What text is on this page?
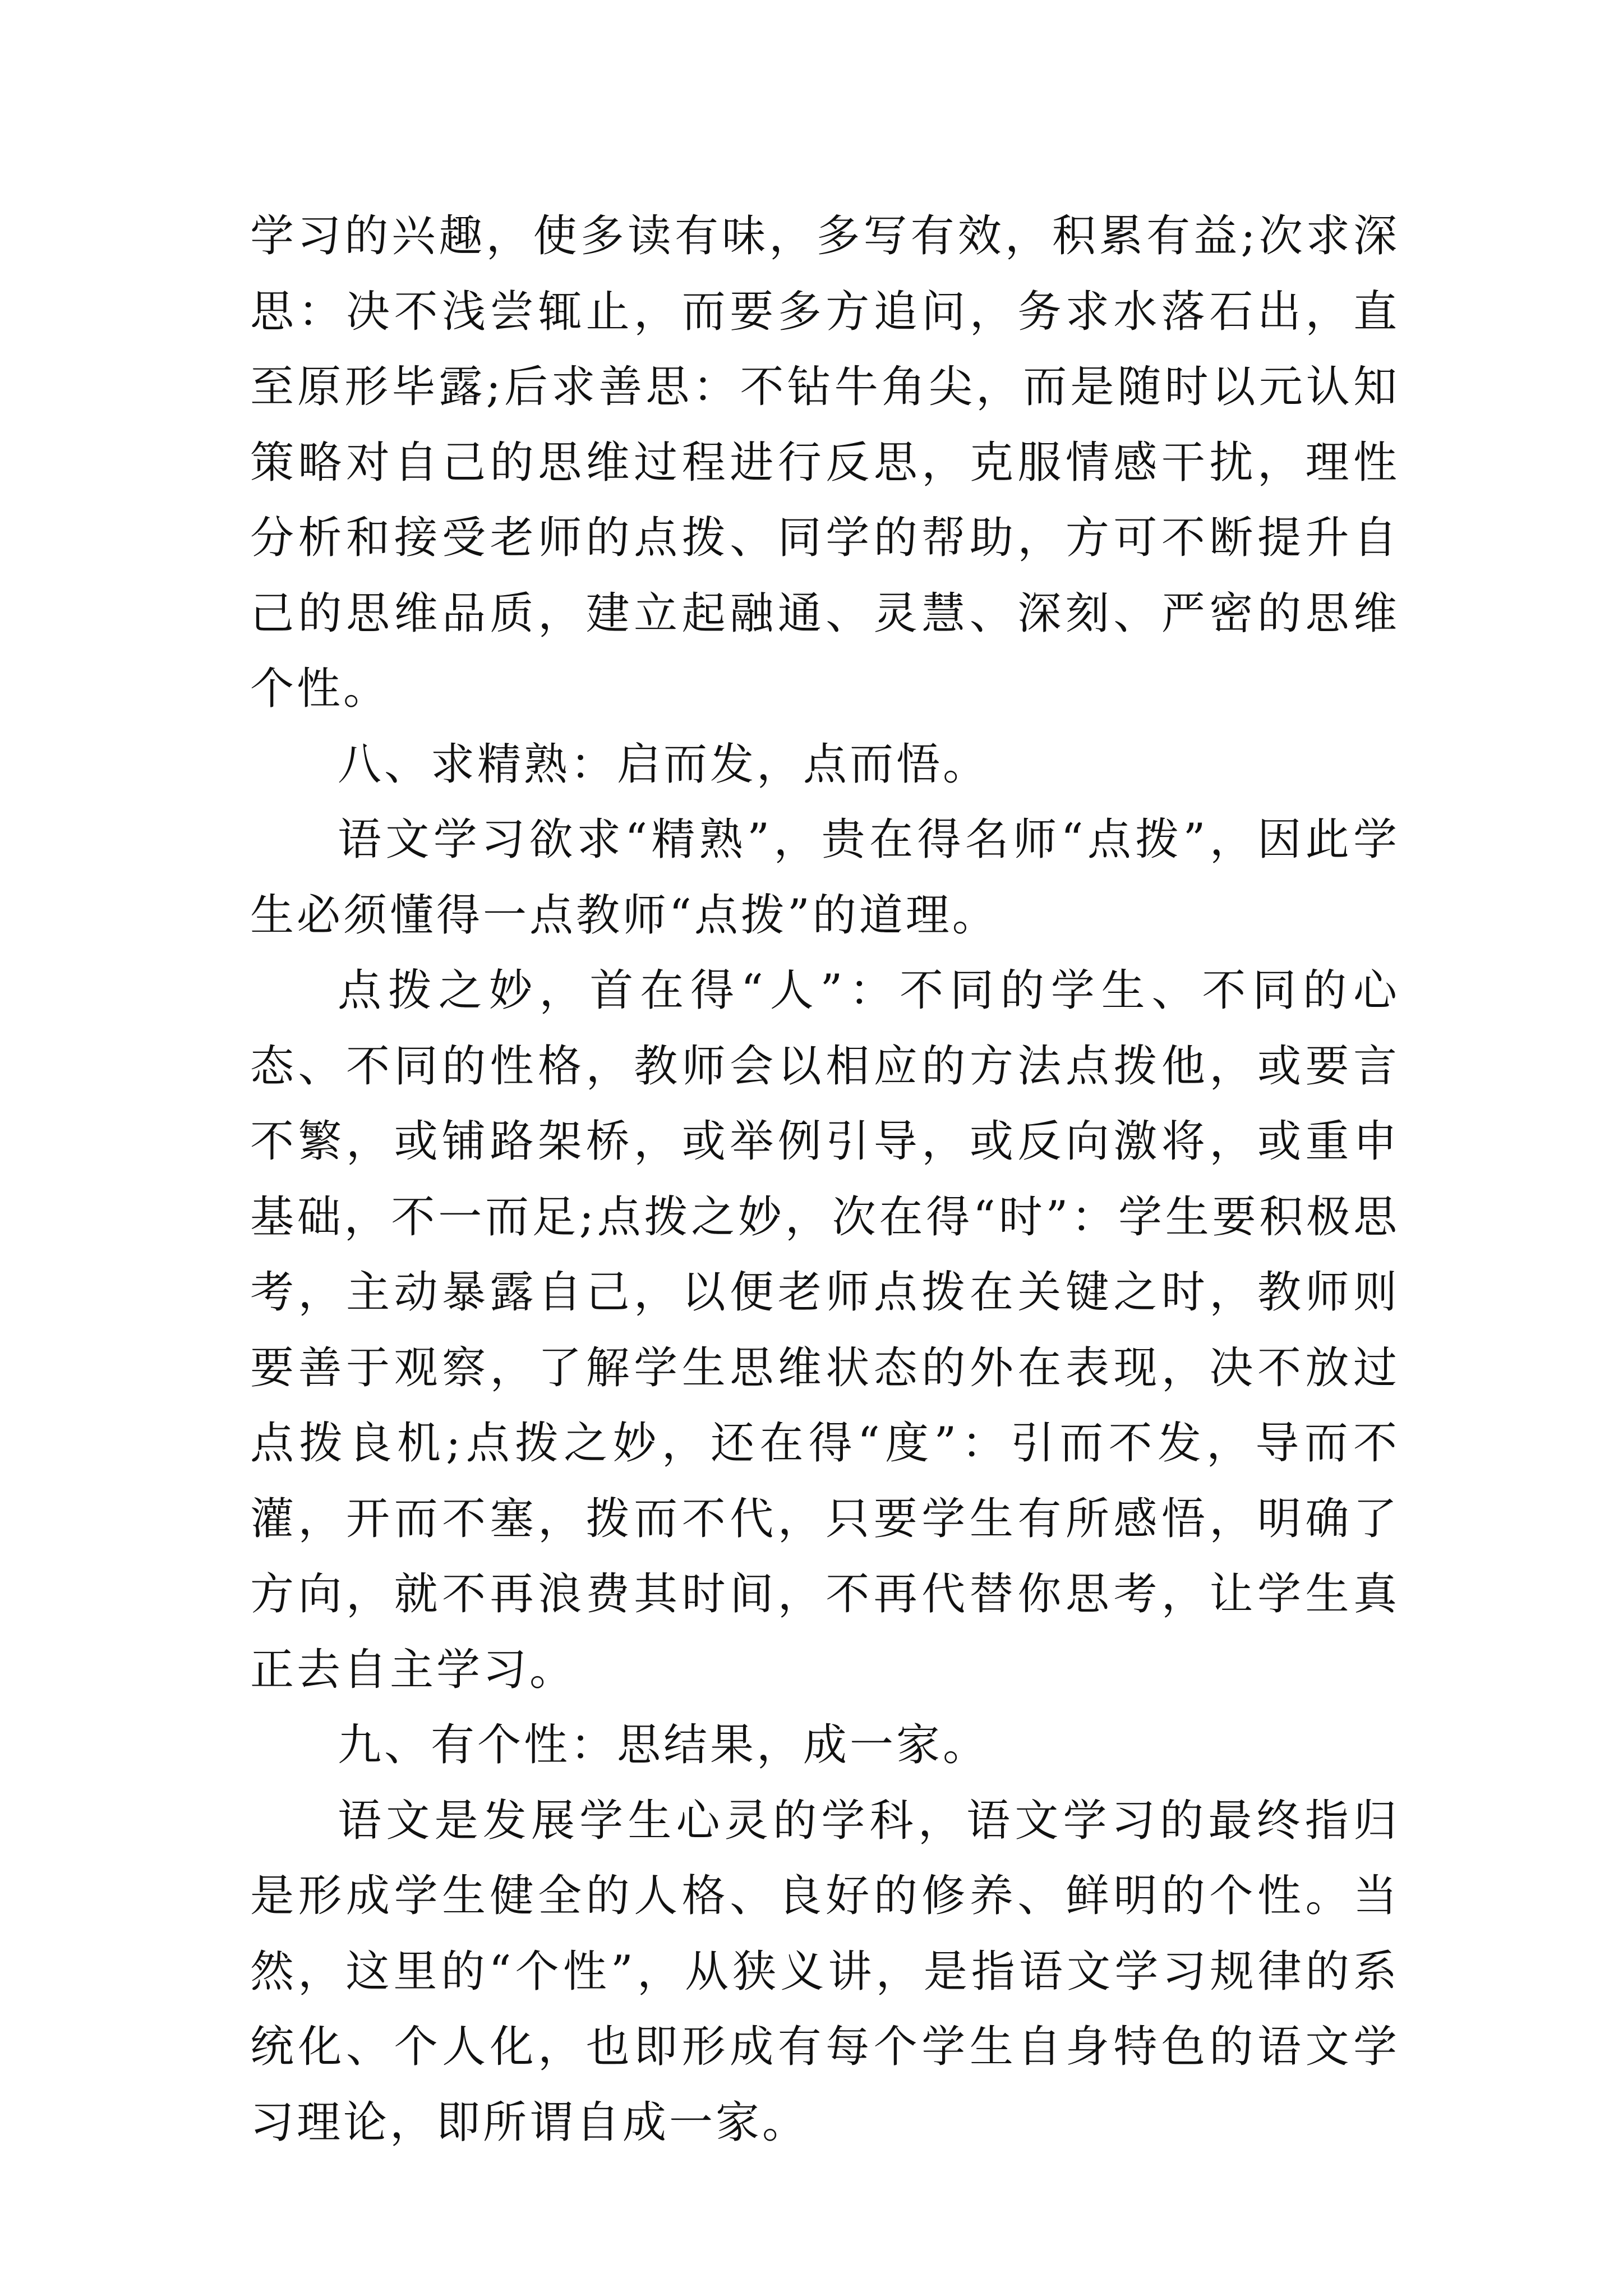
学习的兴趣，使多读有味，多写有效，积累有益;次求深思：决不浅尝辄止，而要多方追问，务求水落石出，直至原形毕露;后求善思：不钻牛角尖，而是随时以元认知策略对自己的思维过程进行反思，克服情感干扰，理性分析和接受老师的点拨、同学的帮助，方可不断提升自己的思维品质，建立起融通、灵慧、深刻、严密的思维个性。

八、求精熟：启而发，点而悟。

语文学习欲求“精熟”，贵在得名师“点拨”，因此学生必须懂得一点教师“点拨”的道理。

点拨之妙，首在得“人”：不同的学生、不同的心态、不同的性格，教师会以相应的方法点拨他，或要言不繁，或铺路架桥，或举例引导，或反向激将，或重申基础，不一而足;点拨之妙，次在得“时”：学生要积极思考，主动暴露自己，以便老师点拨在关键之时，教师则要善于观察，了解学生思维状态的外在表现，决不放过点拨良机;点拨之妙，还在得“度”：引而不发，导而不灌，开而不塞，拨而不代，只要学生有所感悟，明确了方向，就不再浪费其时间，不再代替你思考，让学生真正去自主学习。

九、有个性：思结果，成一家。

语文是发展学生心灵的学科，语文学习的最终指归是形成学生健全的人格、良好的修养、鲜明的个性。当然，这里的“个性”，从狭义讲，是指语文学习规律的系统化、个人化，也即形成有每个学生自身特色的语文学习理论，即所谓自成一家。
